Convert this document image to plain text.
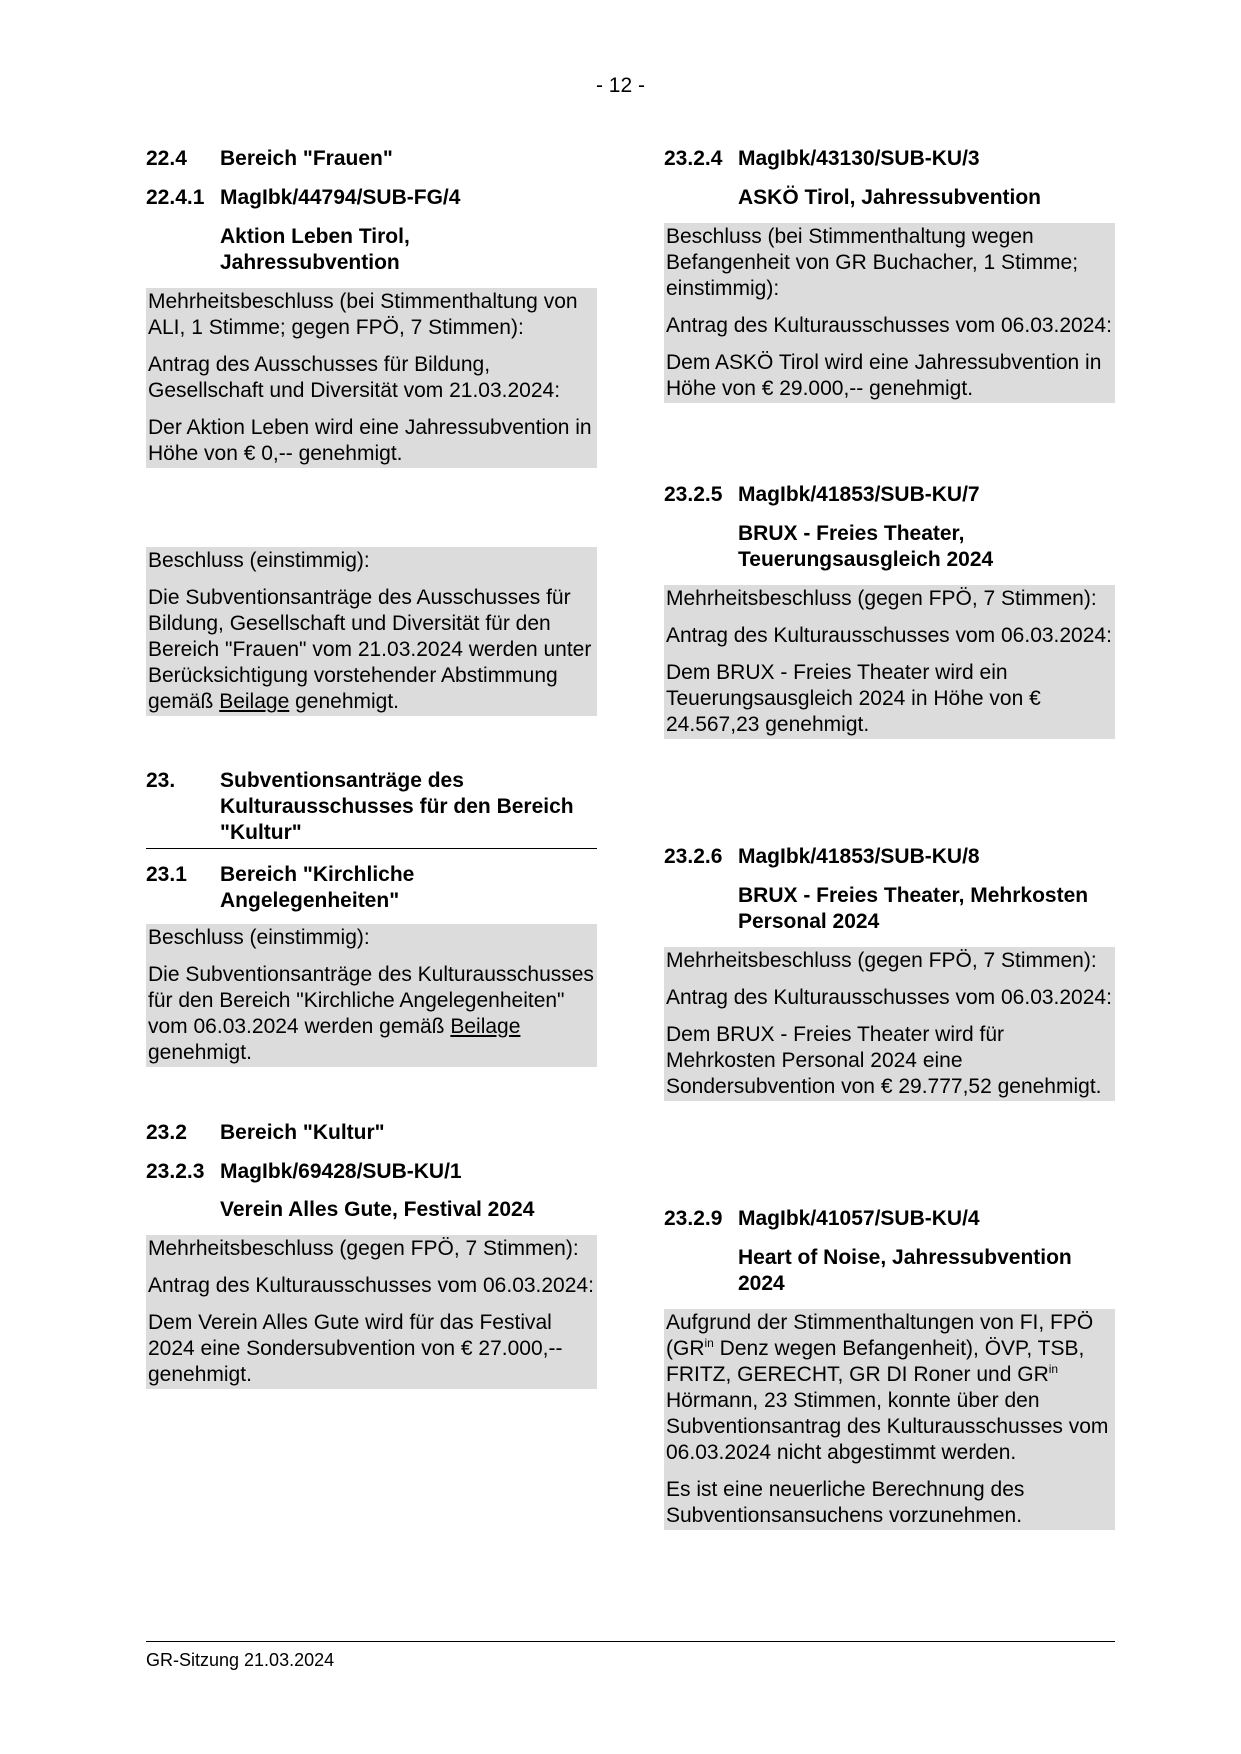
- 12 -
22.4 Bereich "Frauen"
22.4.1 MagIbk/44794/SUB-FG/4
Aktion Leben Tirol, Jahressubvention

Mehrheitsbeschluss (bei Stimmenthaltung von ALI, 1 Stimme; gegen FPÖ, 7 Stimmen):

Antrag des Ausschusses für Bildung, Gesellschaft und Diversität vom 21.03.2024:

Der Aktion Leben wird eine Jahressubvention in Höhe von € 0,-- genehmigt.

Beschluss (einstimmig):

Die Subventionsanträge des Ausschusses für Bildung, Gesellschaft und Diversität für den Bereich "Frauen" vom 21.03.2024 werden unter Berücksichtigung vorstehender Abstimmung gemäß Beilage genehmigt.

23. Subventionsanträge des Kulturausschusses für den Bereich "Kultur"
23.1 Bereich "Kirchliche Angelegenheiten"

Beschluss (einstimmig):

Die Subventionsanträge des Kulturausschusses für den Bereich "Kirchliche Angelegenheiten" vom 06.03.2024 werden gemäß Beilage genehmigt.

23.2 Bereich "Kultur"
23.2.3 MagIbk/69428/SUB-KU/1
Verein Alles Gute, Festival 2024

Mehrheitsbeschluss (gegen FPÖ, 7 Stimmen):

Antrag des Kulturausschusses vom 06.03.2024:

Dem Verein Alles Gute wird für das Festival 2024 eine Sondersubvention von € 27.000,-- genehmigt.

23.2.4 MagIbk/43130/SUB-KU/3
ASKÖ Tirol, Jahressubvention

Beschluss (bei Stimmenthaltung wegen Befangenheit von GR Buchacher, 1 Stimme; einstimmig):

Antrag des Kulturausschusses vom 06.03.2024:

Dem ASKÖ Tirol wird eine Jahressubvention in Höhe von € 29.000,-- genehmigt.

23.2.5 MagIbk/41853/SUB-KU/7
BRUX - Freies Theater, Teuerungsausgleich 2024

Mehrheitsbeschluss (gegen FPÖ, 7 Stimmen):

Antrag des Kulturausschusses vom 06.03.2024:

Dem BRUX - Freies Theater wird ein Teuerungsausgleich 2024 in Höhe von € 24.567,23 genehmigt.

23.2.6 MagIbk/41853/SUB-KU/8
BRUX - Freies Theater, Mehrkosten Personal 2024

Mehrheitsbeschluss (gegen FPÖ, 7 Stimmen):

Antrag des Kulturausschusses vom 06.03.2024:

Dem BRUX - Freies Theater wird für Mehrkosten Personal 2024 eine Sondersubvention von € 29.777,52 genehmigt.

23.2.9 MagIbk/41057/SUB-KU/4
Heart of Noise, Jahressubvention 2024

Aufgrund der Stimmenthaltungen von FI, FPÖ ($GR^{in}$ Denz wegen Befangenheit), ÖVP, TSB, FRITZ, GERECHT, GR DI Roner und $GR^{in}$ Hörmann, 23 Stimmen, konnte über den Subventionsantrag des Kulturausschusses vom 06.03.2024 nicht abgestimmt werden.

Es ist eine neuerliche Berechnung des Subventionsansuchens vorzunehmen.

GR-Sitzung 21.03.2024
